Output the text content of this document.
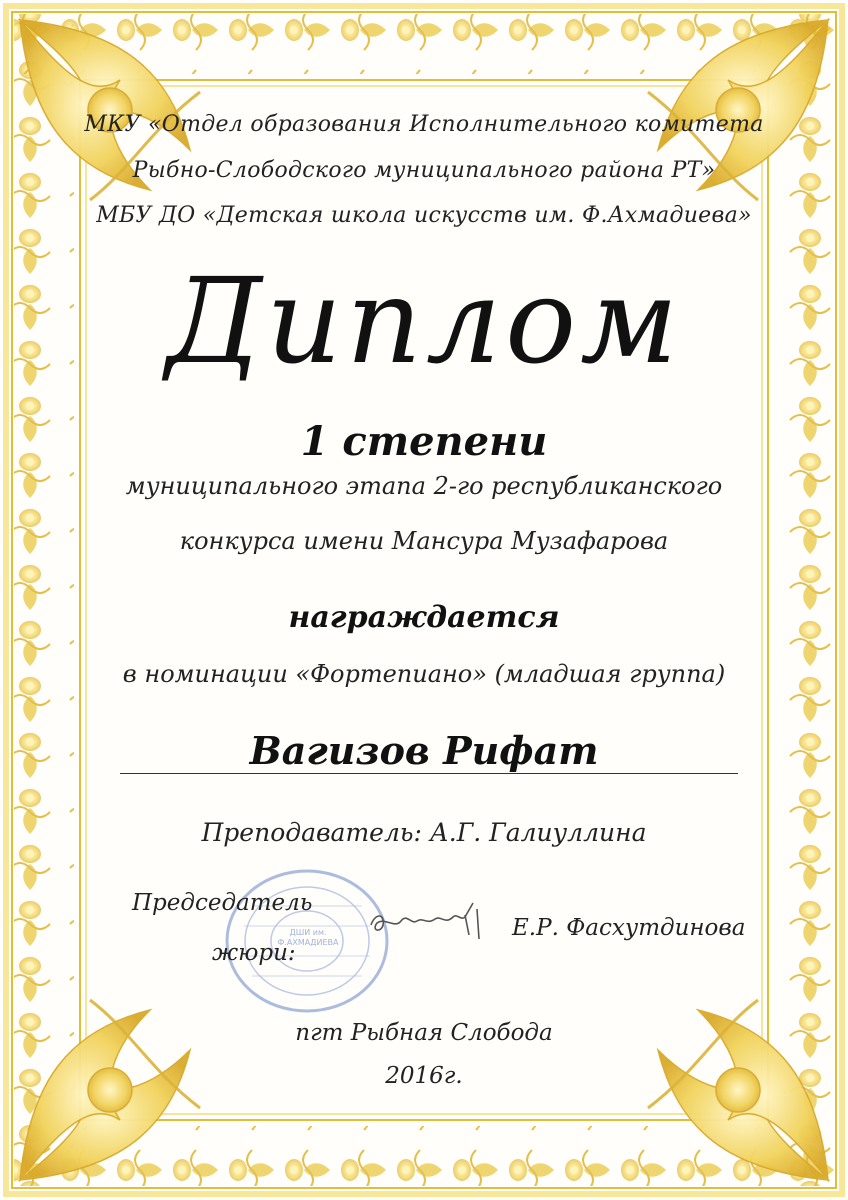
МКУ «Отдел образования Исполнительного комитета
Рыбно-Слободского муниципального района РТ»
МБУ ДО «Детская школа искусств им. Ф.Ахмадиева»
Диплом
1 степени
муниципального этапа 2-го республиканского
конкурса имени Мансура Музафарова
награждается
в номинации «Фортепиано» (младшая группа)
Вагизов Рифат
Преподаватель: А.Г. Галиуллина
ДШИ им. Ф.АХМАДИЕВА
Председатель
жюри:
Е.Р. Фасхутдинова
пгт Рыбная Слобода
2016г.
